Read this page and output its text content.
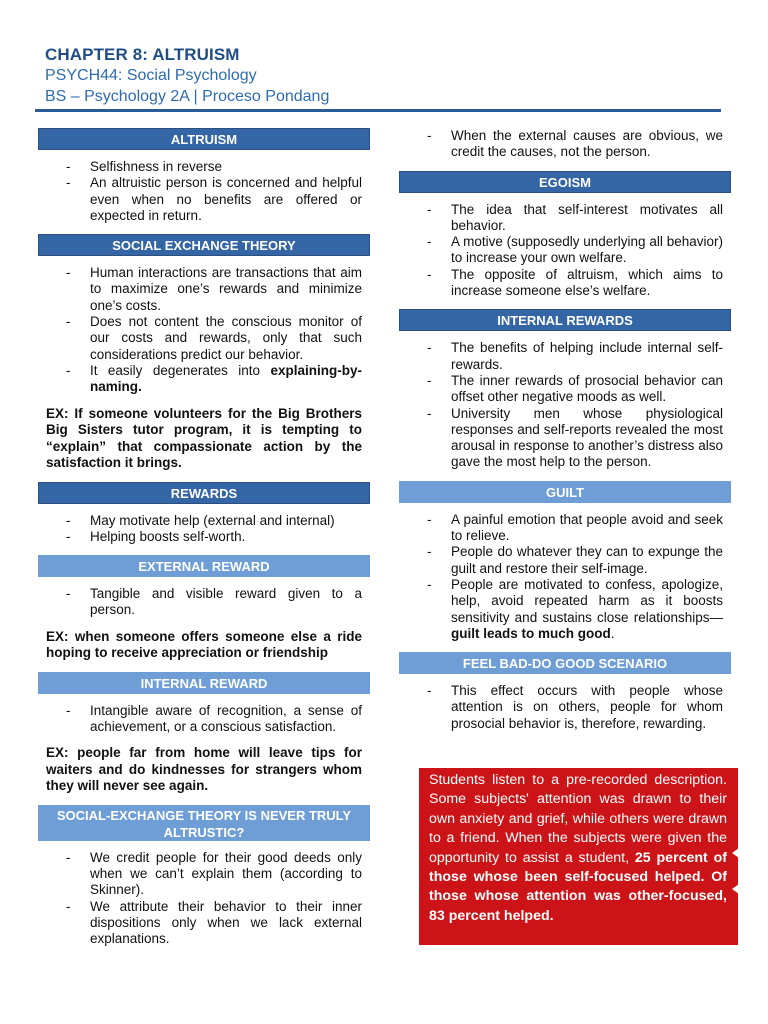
CHAPTER 8: ALTRUISM
PSYCH44: Social Psychology
BS – Psychology 2A | Proceso Pondang
ALTRUISM
- Selfishness in reverse
- An altruistic person is concerned and helpful even when no benefits are offered or expected in return.
SOCIAL EXCHANGE THEORY
- Human interactions are transactions that aim to maximize one’s rewards and minimize one’s costs.
- Does not content the conscious monitor of our costs and rewards, only that such considerations predict our behavior.
- It easily degenerates into explaining-by-naming.
EX: If someone volunteers for the Big Brothers Big Sisters tutor program, it is tempting to “explain” that compassionate action by the satisfaction it brings.
REWARDS
- May motivate help (external and internal)
- Helping boosts self-worth.
EXTERNAL REWARD
- Tangible and visible reward given to a person.
EX: when someone offers someone else a ride hoping to receive appreciation or friendship
INTERNAL REWARD
- Intangible aware of recognition, a sense of achievement, or a conscious satisfaction.
EX: people far from home will leave tips for waiters and do kindnesses for strangers whom they will never see again.
SOCIAL-EXCHANGE THEORY IS NEVER TRULY ALTRUSTIC?
- We credit people for their good deeds only when we can’t explain them (according to Skinner).
- We attribute their behavior to their inner dispositions only when we lack external explanations.
- When the external causes are obvious, we credit the causes, not the person.
EGOISM
- The idea that self-interest motivates all behavior.
- A motive (supposedly underlying all behavior) to increase your own welfare.
- The opposite of altruism, which aims to increase someone else’s welfare.
INTERNAL REWARDS
- The benefits of helping include internal self-rewards.
- The inner rewards of prosocial behavior can offset other negative moods as well.
- University men whose physiological responses and self-reports revealed the most arousal in response to another’s distress also gave the most help to the person.
GUILT
- A painful emotion that people avoid and seek to relieve.
- People do whatever they can to expunge the guilt and restore their self-image.
- People are motivated to confess, apologize, help, avoid repeated harm as it boosts sensitivity and sustains close relationships—guilt leads to much good.
FEEL BAD-DO GOOD SCENARIO
- This effect occurs with people whose attention is on others, people for whom prosocial behavior is, therefore, rewarding.
Students listen to a pre-recorded description. Some subjects' attention was drawn to their own anxiety and grief, while others were drawn to a friend. When the subjects were given the opportunity to assist a student, 25 percent of those whose been self-focused helped. Of those whose attention was other-focused, 83 percent helped.
